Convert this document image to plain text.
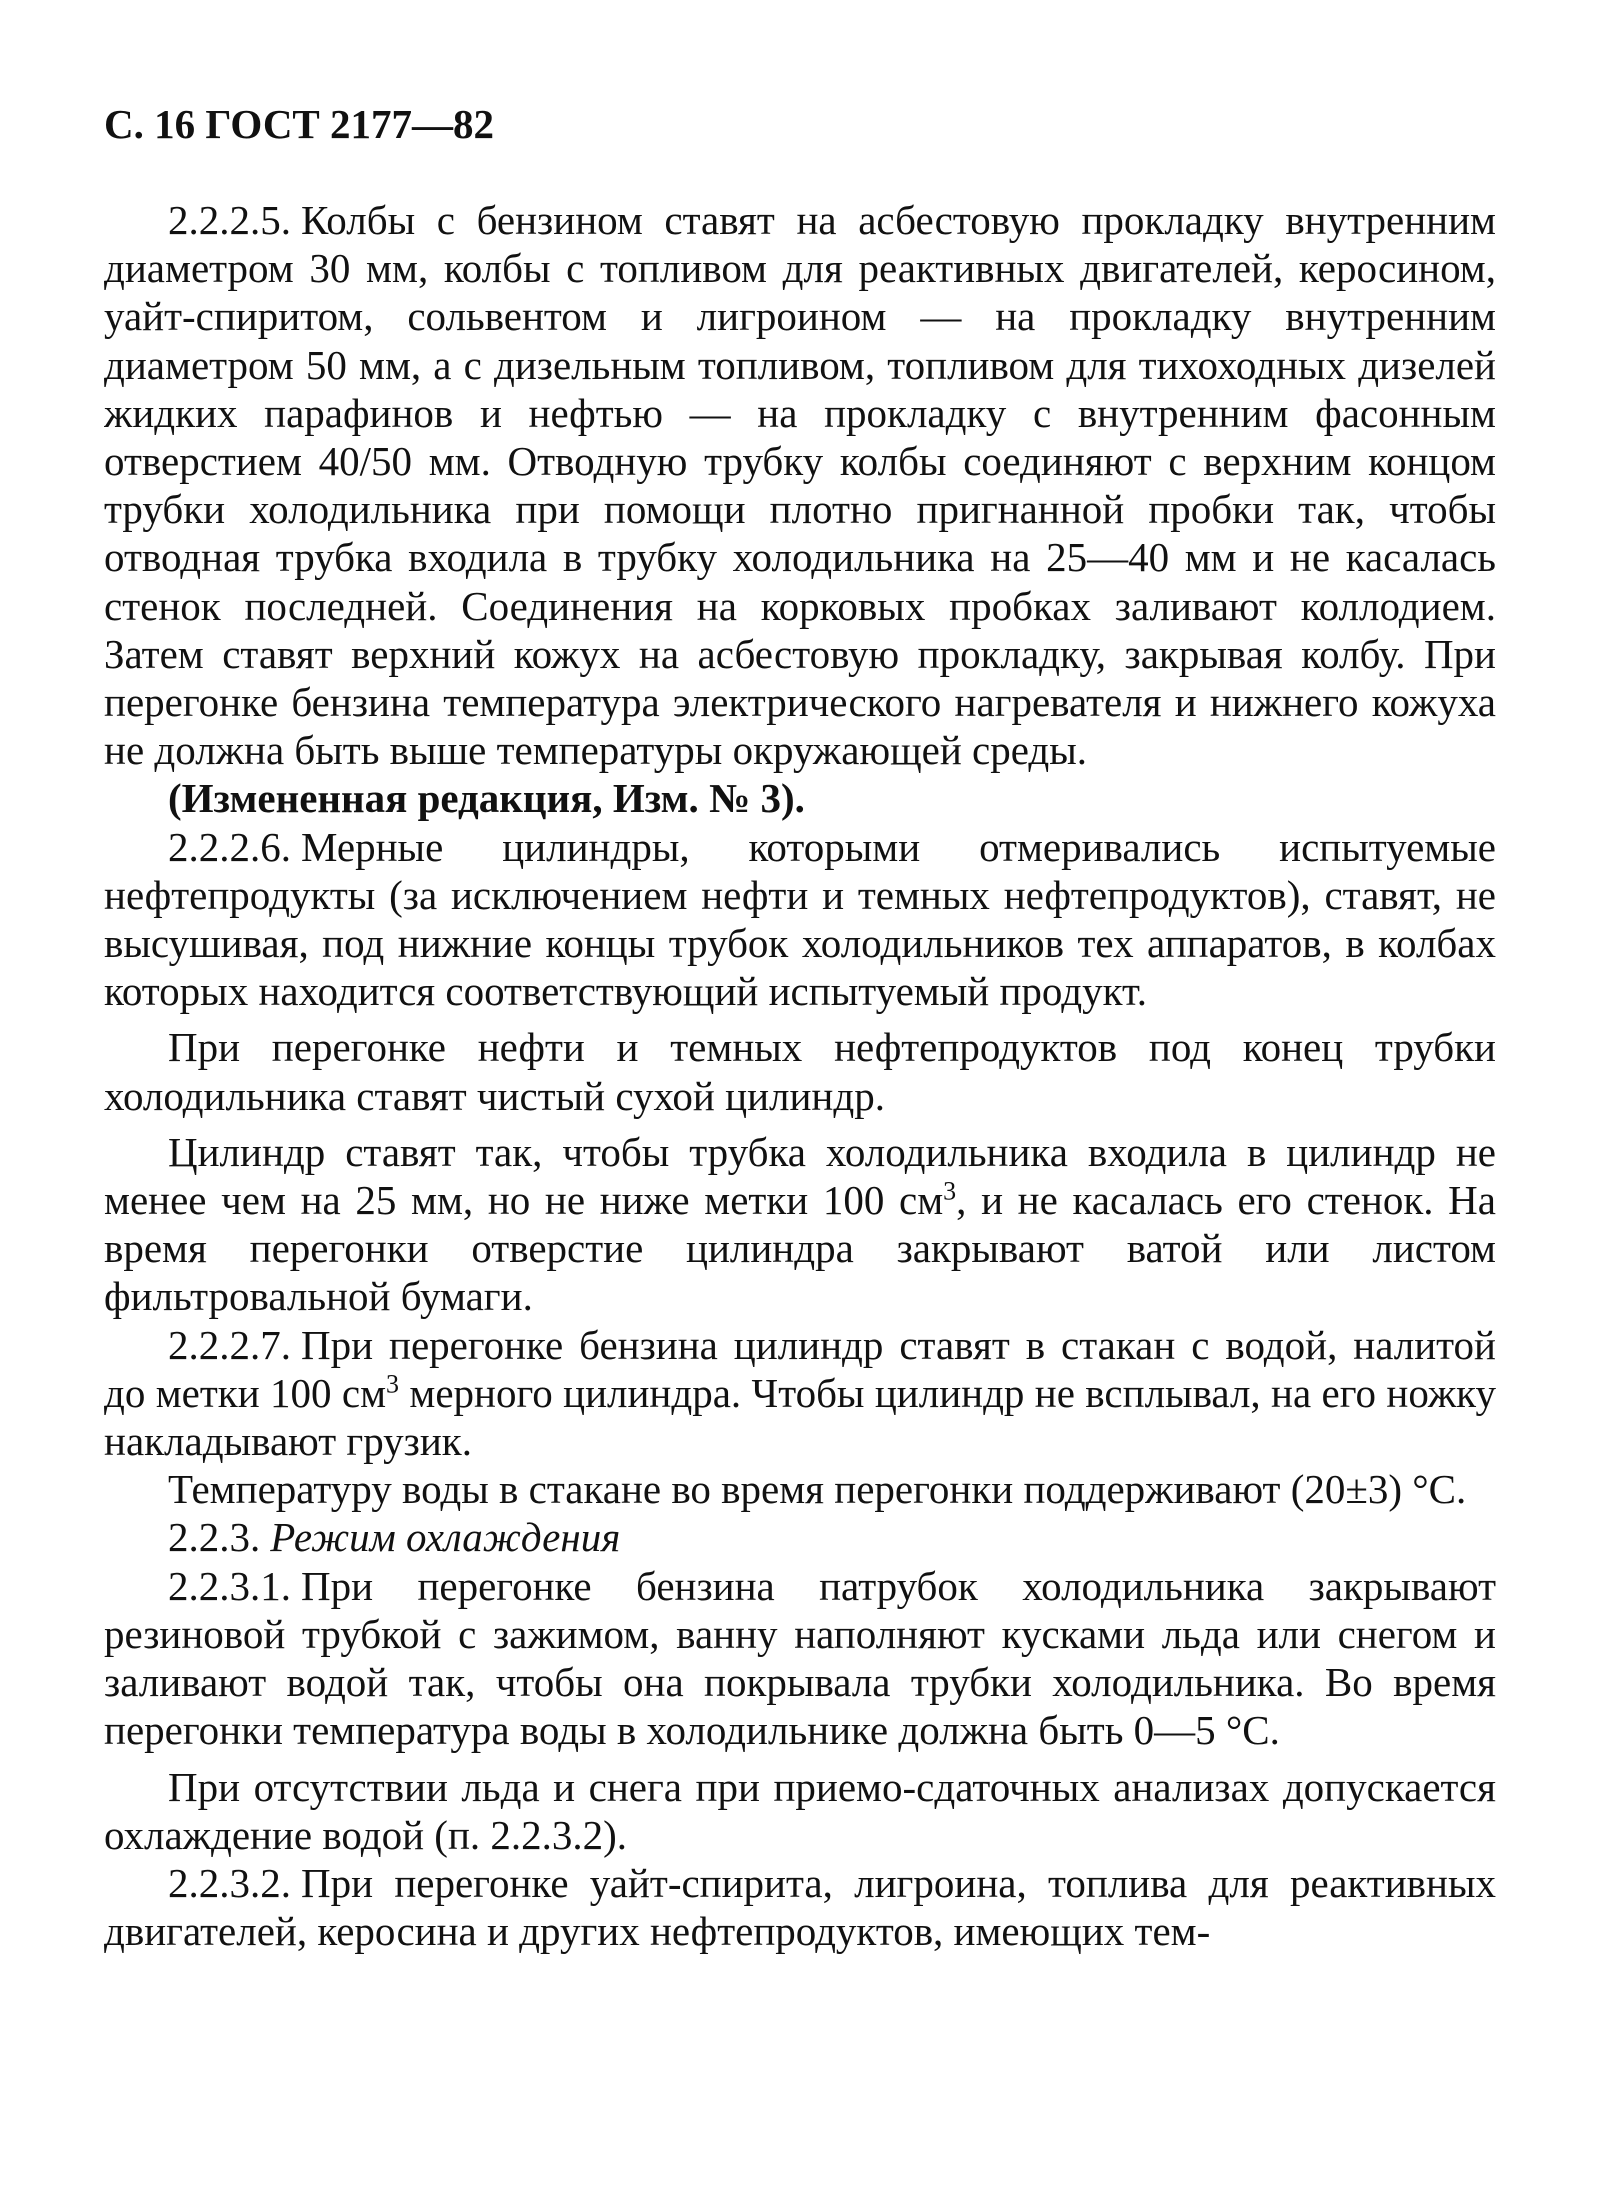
С. 16 ГОСТ 2177—82

2.2.2.5. Колбы с бензином ставят на асбестовую прокладку внутренним диаметром 30 мм, колбы с топливом для реактивных двигателей, керосином, уайт-спиритом, сольвентом и лигроином — на прокладку внутренним диаметром 50 мм, а с дизельным топливом, топливом для тихоходных дизелей жидких парафинов и нефтью — на прокладку с внутренним фасонным отверстием 40/50 мм. Отводную трубку колбы соединяют с верхним концом трубки холодильника при помощи плотно пригнанной пробки так, чтобы отводная трубка входила в трубку холодильника на 25—40 мм и не касалась стенок последней. Соединения на корковых пробках заливают коллодием. Затем ставят верхний кожух на асбестовую прокладку, закрывая колбу. При перегонке бензина температура электрического нагревателя и нижнего кожуха не должна быть выше температуры окружающей среды.

(Измененная редакция, Изм. № 3).

2.2.2.6. Мерные цилиндры, которыми отмеривались испытуемые нефтепродукты (за исключением нефти и темных нефтепродуктов), ставят, не высушивая, под нижние концы трубок холодильников тех аппаратов, в колбах которых находится соответствующий испытуемый продукт.

При перегонке нефти и темных нефтепродуктов под конец трубки холодильника ставят чистый сухой цилиндр.

Цилиндр ставят так, чтобы трубка холодильника входила в цилиндр не менее чем на 25 мм, но не ниже метки 100 $см^3$, и не касалась его стенок. На время перегонки отверстие цилиндра закрывают ватой или листом фильтровальной бумаги.

2.2.2.7. При перегонке бензина цилиндр ставят в стакан с водой, налитой до метки 100 $см^3$ мерного цилиндра. Чтобы цилиндр не всплывал, на его ножку накладывают грузик.

Температуру воды в стакане во время перегонки поддерживают (20±3) °С.

2.2.3. Режим охлаждения

2.2.3.1. При перегонке бензина патрубок холодильника закрывают резиновой трубкой с зажимом, ванну наполняют кусками льда или снегом и заливают водой так, чтобы она покрывала трубки холодильника. Во время перегонки температура воды в холодильнике должна быть 0—5 °С.

При отсутствии льда и снега при приемо-сдаточных анализах допускается охлаждение водой (п. 2.2.3.2).

2.2.3.2. При перегонке уайт-спирита, лигроина, топлива для реактивных двигателей, керосина и других нефтепродуктов, имеющих тем-
